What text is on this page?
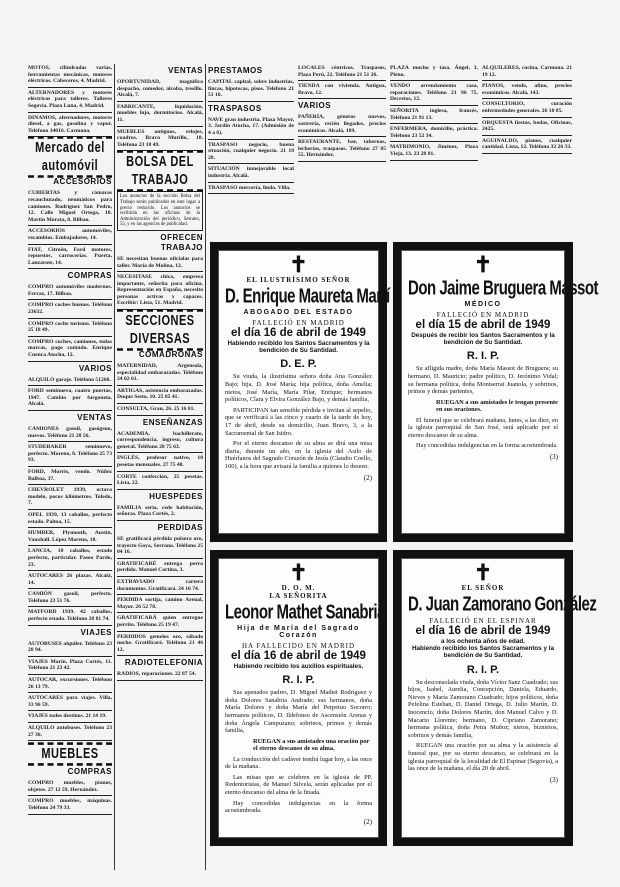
MOTOS, cilindradas varias, herramientas mecánicas, motores eléctricos. Cabeceros, 4. Madrid.
ALTERNADORES y motores eléctricos para talleres. Talleres Segovia. Plaza Luna, 4. Madrid.
DINAMOS, alternadores, motores diesel, a gas, gasolina y vapor. Teléfono 34016. Carmona.
Mercado del automóvil
ACCESORIOS
CUBIERTAS y cámaras recauchutado, neumáticos para camiones. Rodríguez San Pedro, 12. Calle Miguel Ortega, 10. Martín Morata, 8. Bilbao.
ACCESORIOS automóviles, recambios. Embajadores, 14.
FIAT, Citroën, Ford motores, repuestos, carrocerías. Puerta, Lanzarote, 14.
COMPRAS
COMPRO automóviles modernos. Ferraz, 17. Bilbao.
COMPRO coches buenos. Teléfono 23632.
COMPRO coche turismo. Teléfono 25 18 49.
COMPRO coches, camiones, todas marcas, pago contado. Enrique Cuenca Atocha, 12.
VARIOS
ALQUILO garaje. Teléfono 51266.
FORD seminuevo, cuatro puertas, 1947. Cambio por furgoneta. Alcalá.
VENTAS
CAMIONES gasoil, gasógeno, nuevos. Teléfono 21 28 56.
STUDEBAKER seminuevo, perfecto. Moreno, 8. Teléfono 25 73 93.
FORD, Morris, vendo. Núñez Balboa, 37.
CHEVROLET 1939, octavo modelo, pocos kilómetros. Toledo, 7.
OPEL 1939, 13 caballos, perfecto estado. Palma, 15.
HUMBER, Plymouth, Austin, Vauxhall. López Moreno, 18.
LANCIA, 10 caballos, estado perfecto, particular. Paseo Pardo, 23.
AUTOCARES 26 plazas. Alcalá, 14.
CAMIÓN gasoil, perfecto. Teléfono 23 51 76.
MATFORD 1939. 42 caballos, perfecto estado. Teléfono 28 81 74.
VIAJES
AUTOBUSES alquiler. Teléfono 23 28 94.
VIAJES Marín. Plaza Cortés, 11. Teléfono 21 23 42.
AUTOCAR, excursiones. Teléfono 26 13 79.
AUTOCARES para viajes. Villa, 33 96 59.
VIAJES todos destinos. 21 14 19.
ALQUILO autobuses. Teléfono 23 27 36.
MUEBLES
COMPRAS
COMPRO muebles, pianos, objetos. 27 12 59. Hernández.
COMPRO muebles, máquinas. Teléfono 24 79 33.
VENTAS
OPORTUNIDAD, magnífico despacho, comedor, alcoba, tresillo. Alcalá, 7.
FABRICANTE, liquidación, muebles lujo, dormitorios. Alcalá, 11.
MUEBLES antiguos, relojes, cuadros. Bravo Murillo, 18. Teléfono 23 18 49.
BOLSA DEL TRABAJO
Los anuncios de la sección Bolsa del Trabajo serán publicados en este lugar a precio reducido. Los anuncios se recibirán en las oficinas de la Administración del periódico, Serrano, 55, y en las agencias de publicidad.
OFRECEN TRABAJO
SE necesitan buenas oficialas para taller. María de Molina, 12.
NECESITASE chica, empresa importante, señorita para oficina. Representación en España, necesito personas activas y capaces. Escribir: Lista, 51. Madrid.
SECCIONES DIVERSAS
COMADRONAS
MATERNIDAD, Argensola, especialidad embarazadas. Teléfono 24 02 61.
ARTIGAS, asistencia embarazadas. Duque Sesto, 10. 25 85 41.
CONSULTA, Grau, 26. 25 16 81.
ENSEÑANZAS
ACADEMIA, bachillerato, correspondencia, ingreso, cultura general. Teléfono 28 75 63.
INGLÉS, profesor nativo, 10 pesetas mensuales. 27 75 48.
CORTE confección, 25 pesetas. Lista, 22.
HUESPEDES
FAMILIA seria, cede habitación, señoras. Plaza Cortés, 2.
PERDIDAS
SE gratificará pérdida pulsera oro, trayecto Goya, Serrano. Teléfono 25 04 16.
GRATIFICARÉ entrega perro perdido. Manuel Cortina, 3.
EXTRAVIADO cartera documentos. Gratificará. 24 16 74.
PERDIDA sortija, camino Arenal, Mayor. 26 52 78.
GRATIFICARÁ quien entregue perrito. Teléfono 25 19 47.
PERDIDOS gemelos oro, sábado noche. Gratificaré. Teléfono 21 46 12.
RADIOTELEFONIA
RADIOS, reparaciones. 22 87 54.
PRESTAMOS
CAPITAL capital, sobre industrias, fincas, hipotecas, pisos. Teléfono 21 51 16.
TRASPASOS
NAVE gran industria. Plaza Mayor, 3. Jardín Atocha, 17. (Admisión de 4 a 6).
TRASPASO negocio, buena situación, cualquier negocio. 21 18 28.
SITUACIÓN inmejorable local industria. Alcalá.
TRASPASO mercería, lindo. Villa.
LOCALES céntricos. Traspasos, Plaza Perú, 22. Teléfono 21 51 26.
TIENDA con vivienda. Antigua, Bravo, 12.
VARIOS
PAÑERÍA, géneros nuevos, sastrería, recién llegados, precios económicos. Alcalá, 109.
RESTAURANTE, bar, tabernas, lecherías, traspasos. Teléfono 27 85 55. Hernández.
PLAZA mucho y tasa. Ángel, 3. Pleno.
VENDO arrendamiento casa, reparaciones. Teléfono 21 96 75. Decretos, 12.
SEÑORITA inglesa, francés, Teléfono 21 91 13.
ENFERMERA, domicilio, práctica. Teléfono 23 52 34.
MATRIMONIO, Jiménez, Plaza Vieja, 13. 23 28 81.
ALQUILERES, cocina, Carmona. 21 19 12.
PIANOS, vendo, afino, precios económicos. Alcalá, 143.
CONSULTORIO, curación enfermedades generales. 26 10 85.
ORQUESTA fiestas, bodas, Oficinas, 2425.
AGUINALDO, pianos, cualquier cantidad. Lista, 12. Teléfono 32 26 33.
✝
EL ILUSTRÍSIMO SEÑOR
D. Enrique Maureta Martí
ABOGADO DEL ESTADO
FALLECIÓ EN MADRID
el día 16 de abril de 1949
Habiendo recibido los Santos Sacramentos y la bendición de Su Santidad.
D. E. P.
Su viuda, la ilustrísima señora doña Ana González Bajo; hija, D. José María; hija política, doña Amelia; nietos, José María, María Pilar, Enrique; hermanos políticos, Clara y Elvira González Bajo, y demás familia,
PARTICIPAN tan sensible pérdida e invitan al sepelio, que se verificará a las cinco y cuarto de la tarde de hoy, 17 de abril, desde su domicilio, Juan Bravo, 3, a la Sacramental de San Isidro.
Por el eterno descanso de su alma se dirá una misa diaria, durante un año, en la iglesia del Asilo de Huérfanos del Sagrado Corazón de Jesús (Claudio Coello, 100), a la hora que avisará la familia a quienes lo deseen.
(2)
✝
Don Jaime Bruguera Massot
MÉDICO
FALLECIÓ EN MADRID
el día 15 de abril de 1949
Después de recibir los Santos Sacramentos y la bendición de Su Santidad.
R. I. P.
Su afligida madre, doña María Massot de Bruguera; su hermano, D. Mauricio; padre político, D. Jerónimo Vidal; su hermana política, doña Montserrat Juanola, y sobrinos, primos y demás parientes,
RUEGAN a sus amistades le tengan presente en sus oraciones.
El funeral que se celebrará mañana, lunes, a las diez, en la iglesia parroquial de San José, será aplicado por el eterno descanso de su alma.
Hay concedidas indulgencias en la forma acostumbrada.
(3)
✝
D. O. M.
LA SEÑORITA
Leonor Mathet Sanabria
Hija de María del Sagrado Corazón
HA FALLECIDO EN MADRID
el día 16 de abril de 1949
Habiendo recibido los auxilios espirituales.
R. I. P.
Sus apenados padres, D. Miguel Mathet Rodríguez y doña Dolores Sanabria Andrade; sus hermanos, doña María Dolores y doña María del Perpetuo Socorro; hermanos políticos, D. Ildefonso de Ascensión Arenas y doña Ángela Campuzano; sobrinos, primos y demás familia,
RUEGAN a sus amistades una oración por el eterno descanso de su alma.
La conducción del cadáver tendrá lugar hoy, a las once de la mañana.
Las misas que se celebren en la iglesia de PP. Redentoristas, de Manuel Silvela, serán aplicadas por el eterno descanso del alma de la finada.
Hay concedidas indulgencias en la forma acostumbrada.
(2)
✝
EL SEÑOR
D. Juan Zamorano González
FALLECIÓ EN EL ESPINAR
el día 16 de abril de 1949
a los ochenta años de edad.
Habiendo recibido los Santos Sacramentos y la bendición de Su Santidad.
R. I. P.
Su desconsolada viuda, doña Víctor Sanz Cuadrado; sus hijos, Isabel, Aurelia, Concepción, Daniela, Eduardo, Nieves y María Zamorano Cuadrado; hijos políticos, doña Pefelina Esteban, D. Daniel Ortega, D. Julio Martín, D. Inocencio, doña Dolores Martín, don Manuel Calvo y D. Macario Llorente; hermano, D. Cipriano Zamorano; hermana política, doña Petra Muñoz; nietos, biznietos, sobrinos y demás familia,
RUEGAN una oración por su alma y la asistencia al funeral que, por su eterno descanso, se celebrará en la iglesia parroquial de la localidad de El Espinar (Segovia), a las once de la mañana, el día 20 de abril.
(3)
